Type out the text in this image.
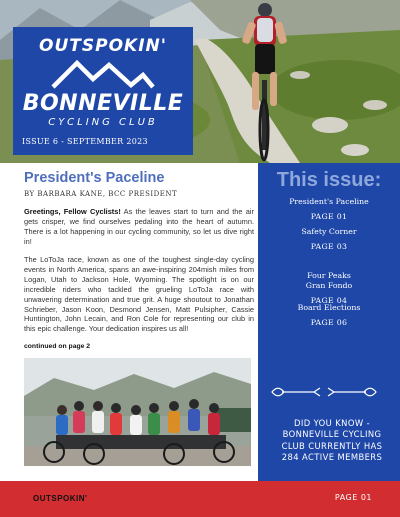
OUTSPOKIN'
BONNEVILLE
CYCLING CLUB
ISSUE 6 - SEPTEMBER 2023
President's Paceline
BY BARBARA KANE, BCC PRESIDENT

Greetings, Fellow Cyclists! As the leaves start to turn and the air gets crisper, we find ourselves pedaling into the heart of autumn. There is a lot happening in our cycling community, so let us dive right in!

The LoToJa race, known as one of the toughest single-day cycling events in North America, spans an awe-inspiring 204mish miles from Logan, Utah to Jackson Hole, Wyoming. The spotlight is on our incredible riders who tackled the grueling LoToJa race with unwavering determination and true grit. A huge shoutout to Jonathan Schrieber, Jason Koon, Desmond Jensen, Matt Pulsipher, Cassie Huntington, John Lecain, and Ron Cole for representing our club in this epic challenge. Your dedication inspires us all!

continued on page 2
This issue:
President's Paceline
PAGE 01
Safety Corner
PAGE 03

Four Peaks
Gran Fondo

PAGE 04

Board Elections
PAGE 06
DID YOU KNOW - BONNEVILLE CYCLING CLUB CURRENTLY HAS 284 ACTIVE MEMBERS
OUTSPOKIN'	PAGE 01
